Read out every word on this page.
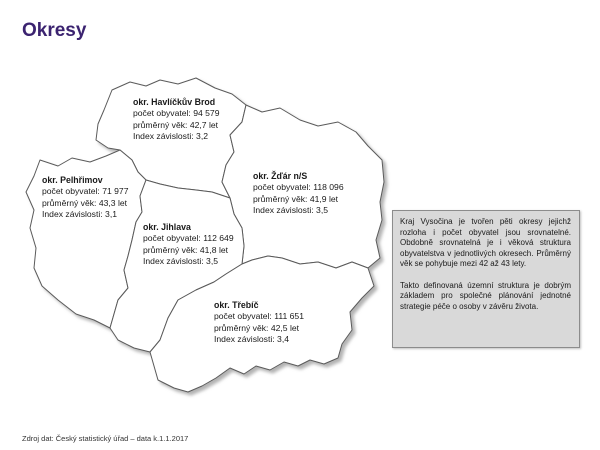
Okresy
okr. Havlíčkův Brod
počet obyvatel: 94 579
průměrný věk: 42,7 let
Index závislosti: 3,2
okr. Pelhřimov
počet obyvatel: 71 977
průměrný věk: 43,3 let
Index závislosti: 3,1
okr. Žďár n/S
počet obyvatel: 118 096
průměrný věk: 41,9 let
Index závislosti: 3,5
okr. Jihlava
počet obyvatel: 112 649
průměrný věk: 41,8 let
Index závislosti: 3,5
okr. Třebíč
počet obyvatel: 111 651
průměrný věk: 42,5 let
Index závislosti: 3,4

Kraj Vysočina je tvořen pěti okresy jejichž rozloha i počet obyvatel jsou srovnatelné. Obdobně srovnatelná je i věková struktura obyvatelstva v jednotlivých okresech. Průměrný věk se pohybuje mezi 42 až 43 lety.

Takto definovaná územní struktura je dobrým základem pro společné plánování jednotné strategie péče o osoby v závěru života.

Zdroj dat: Český statistický úřad – data k.1.1.2017
